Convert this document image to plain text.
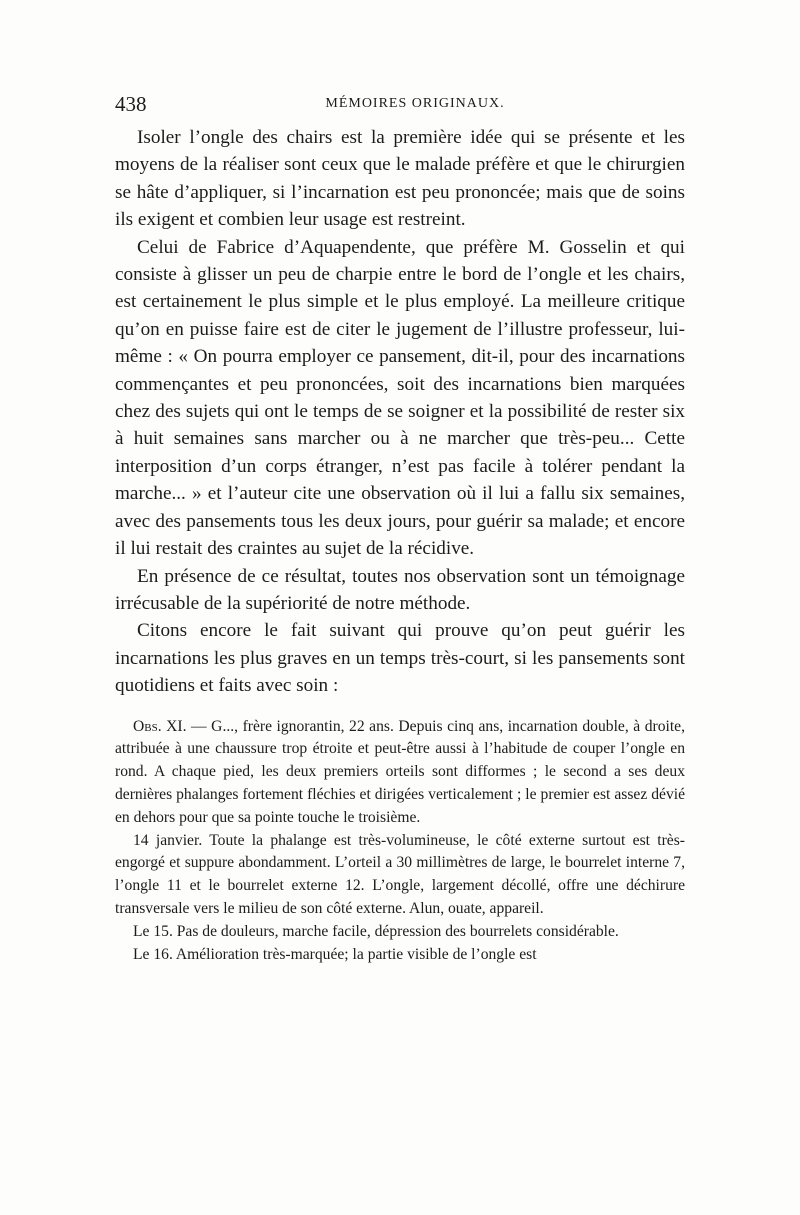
438	MÉMOIRES ORIGINAUX.

Isoler l’ongle des chairs est la première idée qui se présente et les moyens de la réaliser sont ceux que le malade préfère et que le chirurgien se hâte d’appliquer, si l’incarnation est peu prononcée; mais que de soins ils exigent et combien leur usage est restreint.

Celui de Fabrice d’Aquapendente, que préfère M. Gosselin et qui consiste à glisser un peu de charpie entre le bord de l’ongle et les chairs, est certainement le plus simple et le plus employé. La meilleure critique qu’on en puisse faire est de citer le jugement de l’illustre professeur, lui-même : « On pourra employer ce pansement, dit-il, pour des incarnations commençantes et peu prononcées, soit des incarnations bien marquées chez des sujets qui ont le temps de se soigner et la possibilité de rester six à huit semaines sans marcher ou à ne marcher que très-peu... Cette interposition d’un corps étranger, n’est pas facile à tolérer pendant la marche... » et l’auteur cite une observation où il lui a fallu six semaines, avec des pansements tous les deux jours, pour guérir sa malade; et encore il lui restait des craintes au sujet de la récidive.

En présence de ce résultat, toutes nos observation sont un témoignage irrécusable de la supériorité de notre méthode.

Citons encore le fait suivant qui prouve qu’on peut guérir les incarnations les plus graves en un temps très-court, si les pansements sont quotidiens et faits avec soin :

Obs. XI. — G..., frère ignorantin, 22 ans. Depuis cinq ans, incarnation double, à droite, attribuée à une chaussure trop étroite et peut-être aussi à l’habitude de couper l’ongle en rond. A chaque pied, les deux premiers orteils sont difformes ; le second a ses deux dernières phalanges fortement fléchies et dirigées verticalement ; le premier est assez dévié en dehors pour que sa pointe touche le troisième.

14 janvier. Toute la phalange est très-volumineuse, le côté externe surtout est très-engorgé et suppure abondamment. L’orteil a 30 millimètres de large, le bourrelet interne 7, l’ongle 11 et le bourrelet externe 12. L’ongle, largement décollé, offre une déchirure transversale vers le milieu de son côté externe. Alun, ouate, appareil.

Le 15. Pas de douleurs, marche facile, dépression des bourrelets considérable.

Le 16. Amélioration très-marquée; la partie visible de l’ongle est
